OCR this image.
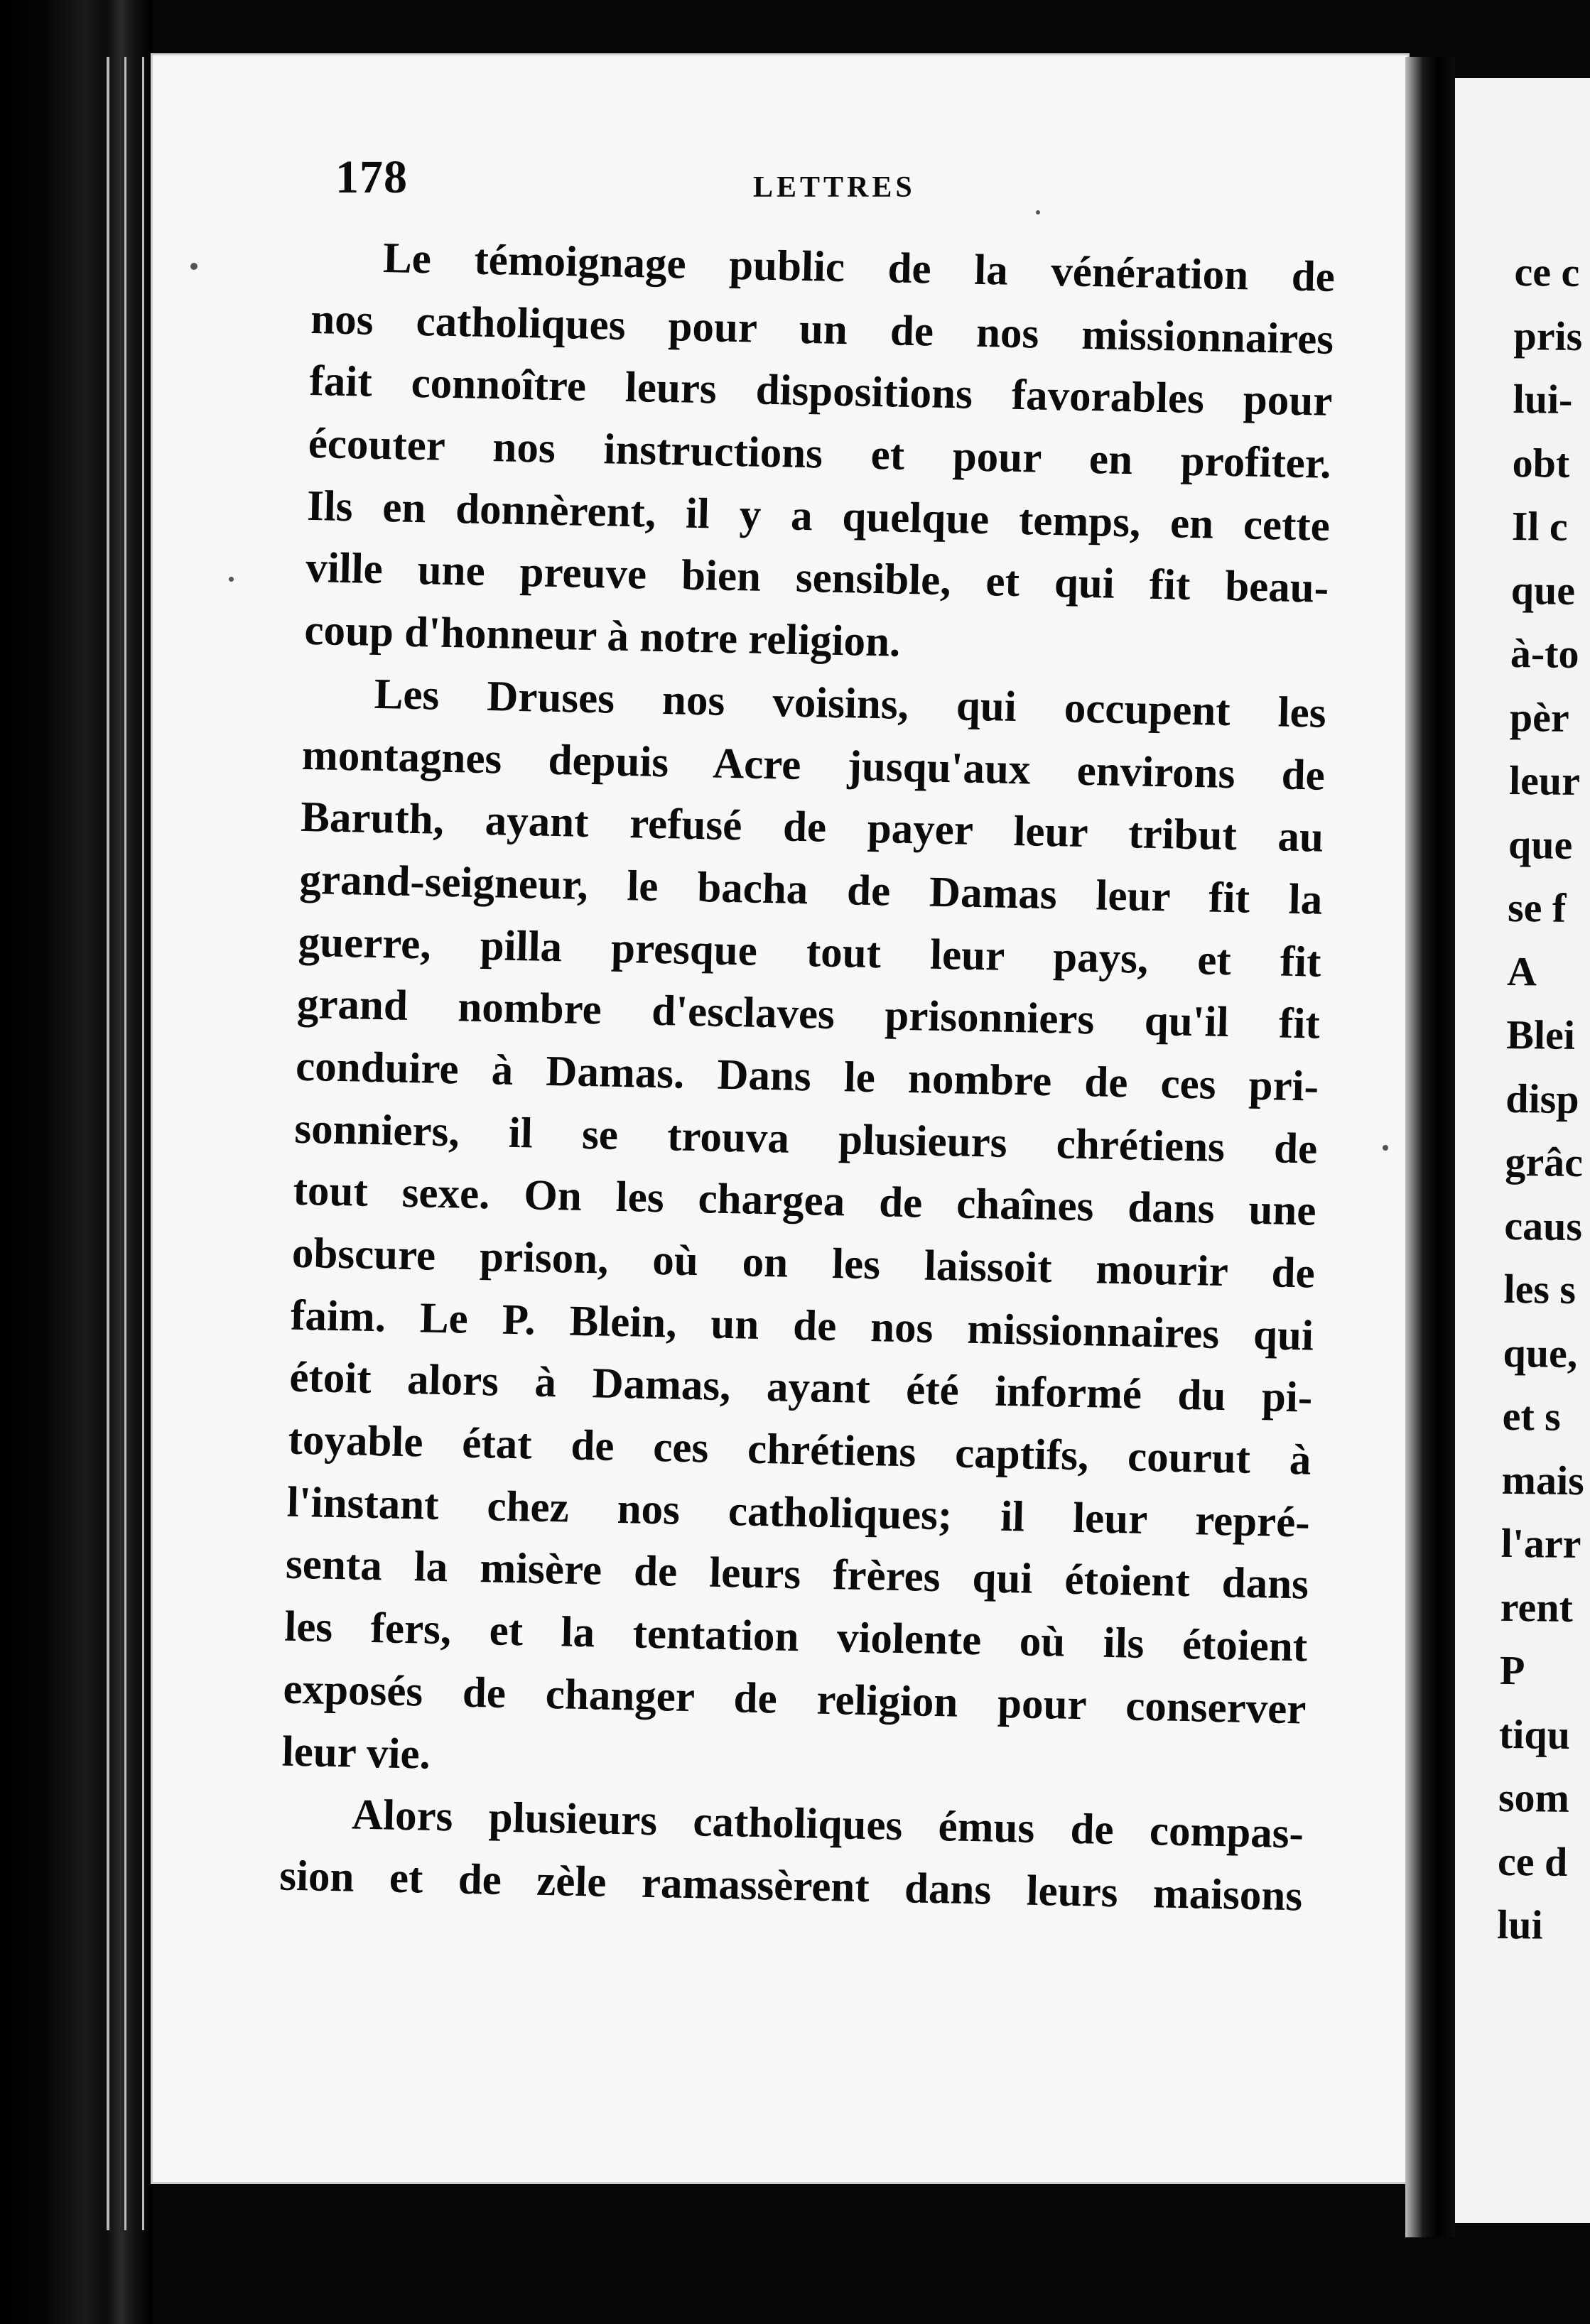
178	LETTRES
Le témoignage public de la vénération de
nos catholiques pour un de nos missionnaires
fait connoître leurs dispositions favorables pour
écouter nos instructions et pour en profiter.
Ils en donnèrent, il y a quelque temps, en cette
ville une preuve bien sensible, et qui fit beau-
coup d'honneur à notre religion.
Les Druses nos voisins, qui occupent les
montagnes depuis Acre jusqu'aux environs de
Baruth, ayant refusé de payer leur tribut au
grand-seigneur, le bacha de Damas leur fit la
guerre, pilla presque tout leur pays, et fit
grand nombre d'esclaves prisonniers qu'il fit
conduire à Damas. Dans le nombre de ces pri-
sonniers, il se trouva plusieurs chrétiens de
tout sexe. On les chargea de chaînes dans une
obscure prison, où on les laissoit mourir de
faim. Le P. Blein, un de nos missionnaires qui
étoit alors à Damas, ayant été informé du pi-
toyable état de ces chrétiens captifs, courut à
l'instant chez nos catholiques; il leur repré-
senta la misère de leurs frères qui étoient dans
les fers, et la tentation violente où ils étoient
exposés de changer de religion pour conserver
leur vie.
Alors plusieurs catholiques émus de compas-
sion et de zèle ramassèrent dans leurs maisons
ce c
pris
lui-
obt
Il c
que
à-to
pèr
leur
que
se f
A
Blei
disp
grâc
caus
les s
que,
et s
mais
l'arr
rent
P
tiqu
som
ce d
lui
